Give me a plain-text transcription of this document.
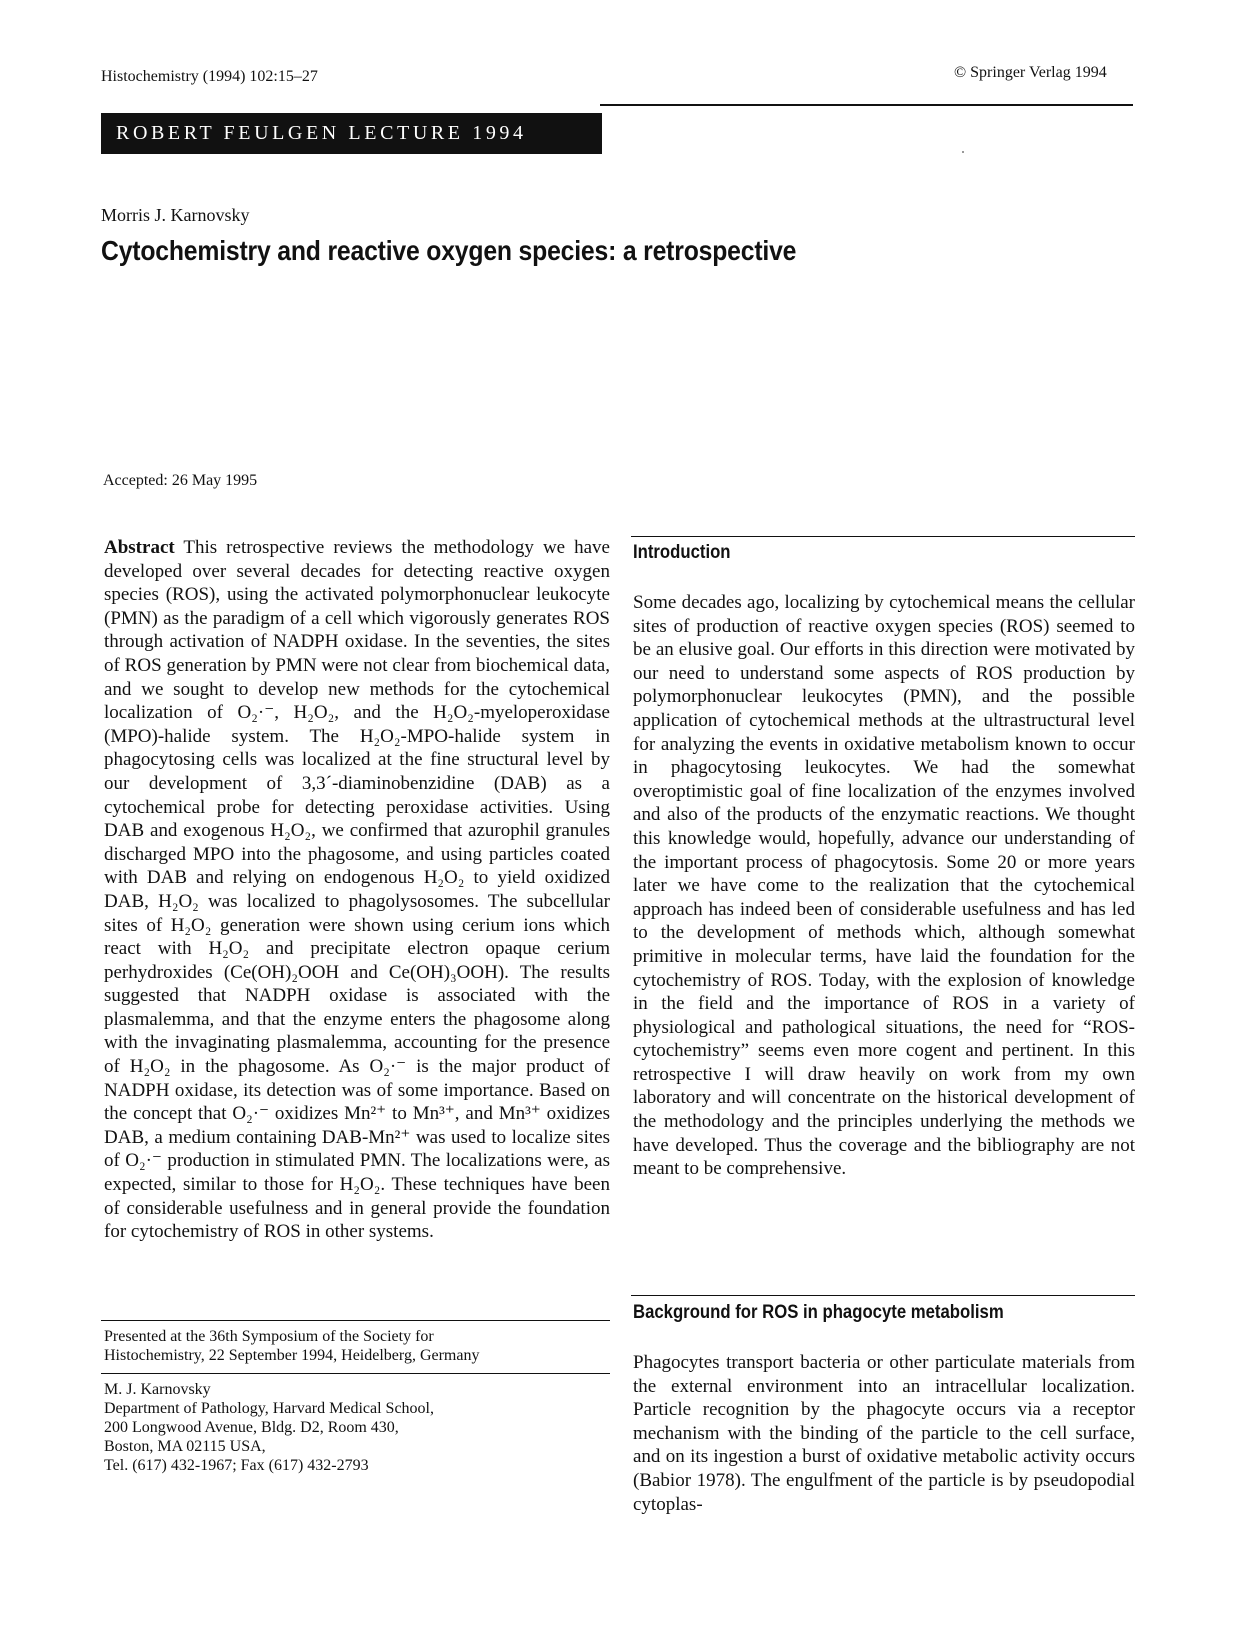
Histochemistry (1994) 102:15–27	© Springer Verlag 1994
ROBERT FEULGEN LECTURE 1994
Morris J. Karnovsky
Cytochemistry and reactive oxygen species: a retrospective
Accepted: 26 May 1995

Abstract This retrospective reviews the methodology we have developed over several decades for detecting reactive oxygen species (ROS), using the activated polymorphonuclear leukocyte (PMN) as the paradigm of a cell which vigorously generates ROS through activation of NADPH oxidase. In the seventies, the sites of ROS generation by PMN were not clear from biochemical data, and we sought to develop new methods for the cytochemical localization of O₂·⁻, H₂O₂, and the H₂O₂-myeloperoxidase (MPO)-halide system. The H₂O₂-MPO-halide system in phagocytosing cells was localized at the fine structural level by our development of 3,3´-diaminobenzidine (DAB) as a cytochemical probe for detecting peroxidase activities. Using DAB and exogenous H₂O₂, we confirmed that azurophil granules discharged MPO into the phagosome, and using particles coated with DAB and relying on endogenous H₂O₂ to yield oxidized DAB, H₂O₂ was localized to phagolysosomes. The subcellular sites of H₂O₂ generation were shown using cerium ions which react with H₂O₂ and precipitate electron opaque cerium perhydroxides (Ce(OH)₂OOH and Ce(OH)₃OOH). The results suggested that NADPH oxidase is associated with the plasmalemma, and that the enzyme enters the phagosome along with the invaginating plasmalemma, accounting for the presence of H₂O₂ in the phagosome. As O₂·⁻ is the major product of NADPH oxidase, its detection was of some importance. Based on the concept that O₂·⁻ oxidizes Mn²⁺ to Mn³⁺, and Mn³⁺ oxidizes DAB, a medium containing DAB-Mn²⁺ was used to localize sites of O₂·⁻ production in stimulated PMN. The localizations were, as expected, similar to those for H₂O₂. These techniques have been of considerable usefulness and in general provide the foundation for cytochemistry of ROS in other systems.

Presented at the 36th Symposium of the Society for
Histochemistry, 22 September 1994, Heidelberg, Germany
M. J. Karnovsky
Department of Pathology, Harvard Medical School,
200 Longwood Avenue, Bldg. D2, Room 430,
Boston, MA 02115 USA,
Tel. (617) 432-1967; Fax (617) 432-2793
Introduction

Some decades ago, localizing by cytochemical means the cellular sites of production of reactive oxygen species (ROS) seemed to be an elusive goal. Our efforts in this direction were motivated by our need to understand some aspects of ROS production by polymorphonuclear leukocytes (PMN), and the possible application of cytochemical methods at the ultrastructural level for analyzing the events in oxidative metabolism known to occur in phagocytosing leukocytes. We had the somewhat overoptimistic goal of fine localization of the enzymes involved and also of the products of the enzymatic reactions. We thought this knowledge would, hopefully, advance our understanding of the important process of phagocytosis. Some 20 or more years later we have come to the realization that the cytochemical approach has indeed been of considerable usefulness and has led to the development of methods which, although somewhat primitive in molecular terms, have laid the foundation for the cytochemistry of ROS. Today, with the explosion of knowledge in the field and the importance of ROS in a variety of physiological and pathological situations, the need for “ROS-cytochemistry” seems even more cogent and pertinent. In this retrospective I will draw heavily on work from my own laboratory and will concentrate on the historical development of the methodology and the principles underlying the methods we have developed. Thus the coverage and the bibliography are not meant to be comprehensive.

Background for ROS in phagocyte metabolism

Phagocytes transport bacteria or other particulate materials from the external environment into an intracellular localization. Particle recognition by the phagocyte occurs via a receptor mechanism with the binding of the particle to the cell surface, and on its ingestion a burst of oxidative metabolic activity occurs (Babior 1978). The engulfment of the particle is by pseudopodial cytoplas-
